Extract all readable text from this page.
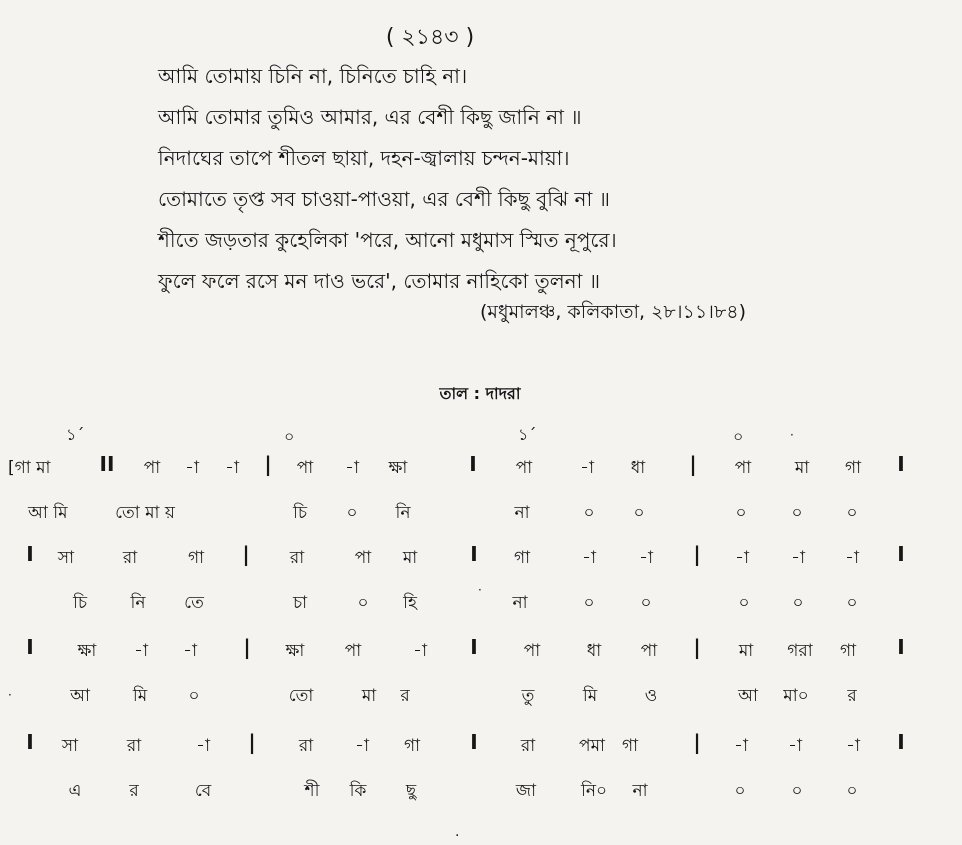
( ২১৪৩ )
আমি তোমায় চিনি না, চিনিতে চাহি না।
আমি তোমার তুমিও আমার, এর বেশী কিছু জানি না ॥
নিদাঘের তাপে শীতল ছায়া, দহন-জ্বালায় চন্দন-মায়া।
তোমাতে তৃপ্ত সব চাওয়া-পাওয়া, এর বেশী কিছু বুঝি না ॥
শীতে জড়তার কুহেলিকা 'পরে, আনো মধুমাস স্মিত নূপুরে।
ফুলে ফলে রসে মন দাও ভরে', তোমার নাহিকো তুলনা ॥
(মধুমালঞ্চ, কলিকাতা, ২৮।১১।৮৪)
তাল : দাদরা
১´	০	১´	০	·
·
·
[গা মা II	পা	-া	-া	|	পা	-া	ক্ষা	I	পা	-া	ধা	|	পা	মা	গা	I
আ মি	তো মা য়	চি	০	নি	না	০	০	০	০	০
I	সা	রা	গা	|	রা	পা	মা	I	গা	-া	-া	|	-া	-া	-া	I
চি	নি	তে	চা	০	হি	না	০	০	০	০	০
I	ক্ষা	-া	-া	|	ক্ষা	পা	-া	I	পা	ধা	পা	|	মা	গরা	গা	I
আ	মি	০	তো	মা	র	তু	মি	ও	আ	মা০	র
I	সা	রা	-া	|	রা	-া	গা	I	রা	পমা	গা	|	-া	-া	-া	I
এ	র	বে	শী	কি	ছু	জা	নি০	না	০	০	০
·
